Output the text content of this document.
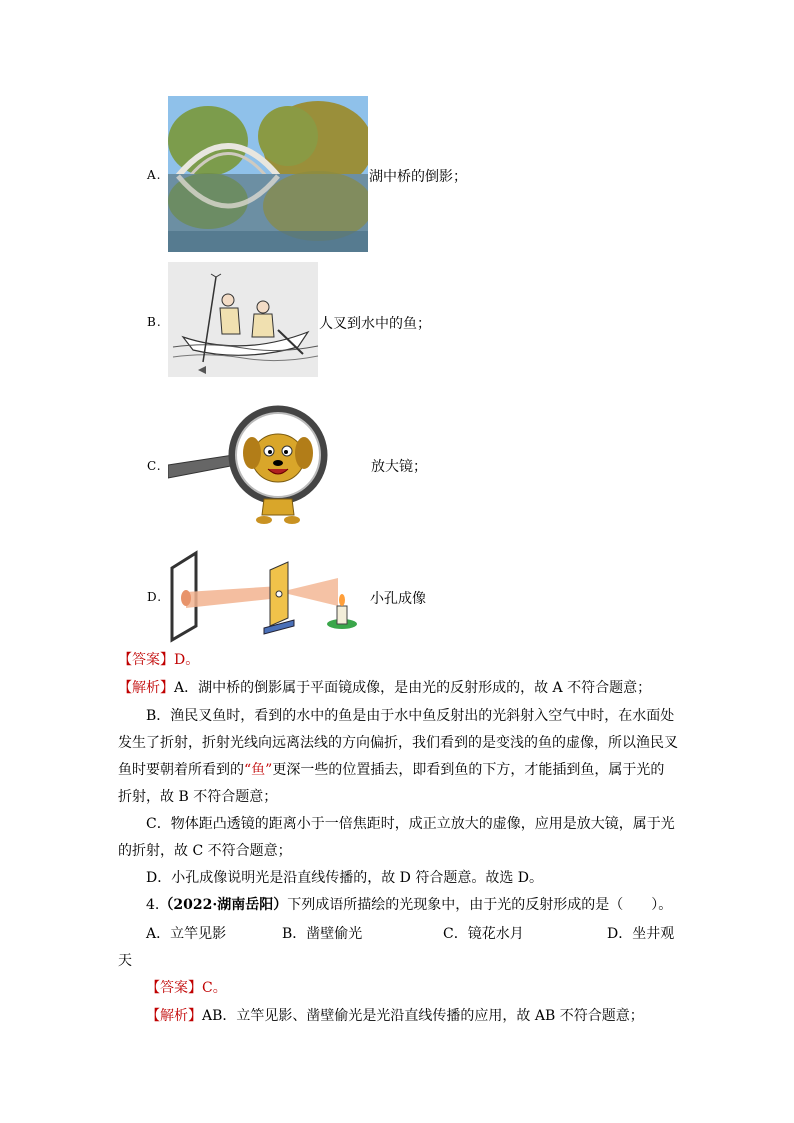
A.	湖中桥的倒影；
B.	人叉到水中的鱼；
C.	放大镜；
D.	小孔成像
【答案】D。
【解析】A．湖中桥的倒影属于平面镜成像，是由光的反射形成的，故 A 不符合题意；
B．渔民叉鱼时，看到的水中的鱼是由于水中鱼反射出的光斜射入空气中时，在水面处
发生了折射，折射光线向远离法线的方向偏折，我们看到的是变浅的鱼的虚像，所以渔民叉
鱼时要朝着所看到的“鱼”更深一些的位置插去，即看到鱼的下方，才能插到鱼，属于光的
折射，故 B 不符合题意；
C．物体距凸透镜的距离小于一倍焦距时，成正立放大的虚像，应用是放大镜，属于光
的折射，故 C 不符合题意；
D．小孔成像说明光是沿直线传播的，故 D 符合题意。故选 D。
4.（2022·湖南岳阳）下列成语所描绘的光现象中，由于光的反射形成的是（　　）。
A．立竿见影	B．凿壁偷光	C．镜花水月	D．坐井观
天
【答案】C。
【解析】AB．立竿见影、凿壁偷光是光沿直线传播的应用，故 AB 不符合题意；
